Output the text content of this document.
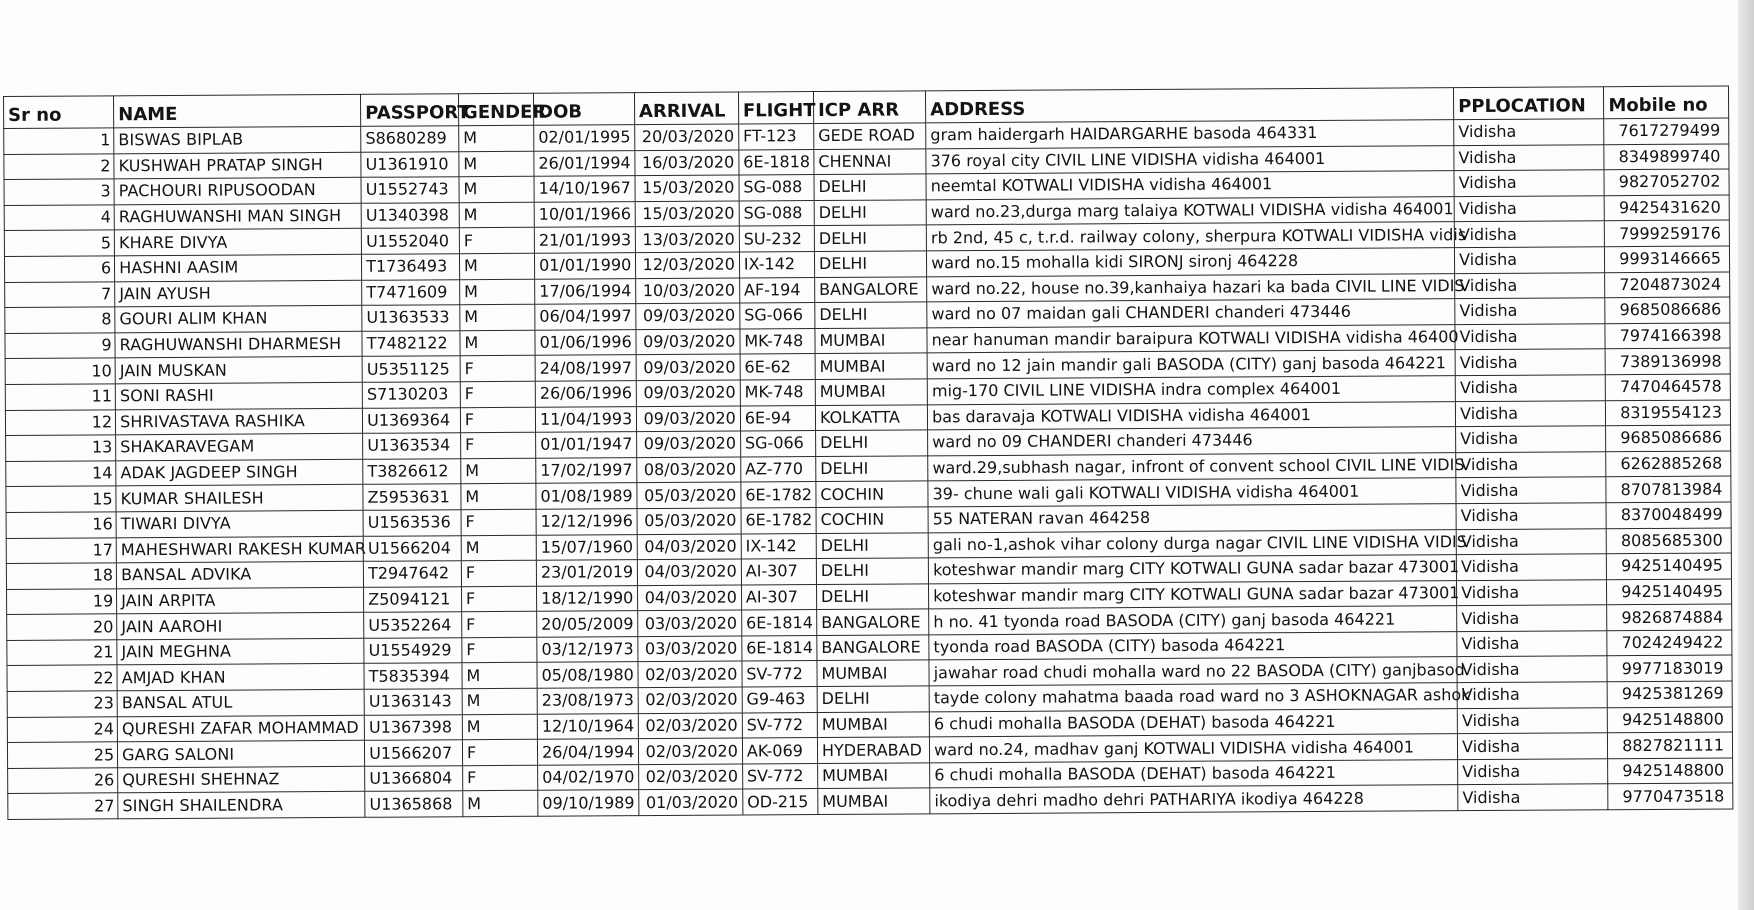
Sr no	NAME	PASSPORT	GENDER	DOB	ARRIVAL	FLIGHT	ICP ARR	ADDRESS	PPLOCATION	Mobile no
1	BISWAS BIPLAB	S8680289	M	02/01/1995	20/03/2020	FT-123	GEDE ROAD	gram haidergarh HAIDARGARHE basoda 464331	Vidisha	7617279499
2	KUSHWAH PRATAP SINGH	U1361910	M	26/01/1994	16/03/2020	6E-1818	CHENNAI	376 royal city CIVIL LINE VIDISHA vidisha 464001	Vidisha	8349899740
3	PACHOURI RIPUSOODAN	U1552743	M	14/10/1967	15/03/2020	SG-088	DELHI	neemtal KOTWALI VIDISHA vidisha 464001	Vidisha	9827052702
4	RAGHUWANSHI MAN SINGH	U1340398	M	10/01/1966	15/03/2020	SG-088	DELHI	ward no.23,durga marg talaiya KOTWALI VIDISHA vidisha 464001	Vidisha	9425431620
5	KHARE DIVYA	U1552040	F	21/01/1993	13/03/2020	SU-232	DELHI	rb 2nd, 45 c, t.r.d. railway colony, sherpura KOTWALI VIDISHA vidis	Vidisha	7999259176
6	HASHNI AASIM	T1736493	M	01/01/1990	12/03/2020	IX-142	DELHI	ward no.15 mohalla kidi SIRONJ sironj 464228	Vidisha	9993146665
7	JAIN AYUSH	T7471609	M	17/06/1994	10/03/2020	AF-194	BANGALORE	ward no.22, house no.39,kanhaiya hazari ka bada CIVIL LINE VIDIS	Vidisha	7204873024
8	GOURI ALIM KHAN	U1363533	M	06/04/1997	09/03/2020	SG-066	DELHI	ward no 07 maidan gali CHANDERI chanderi 473446	Vidisha	9685086686
9	RAGHUWANSHI DHARMESH	T7482122	M	01/06/1996	09/03/2020	MK-748	MUMBAI	near hanuman mandir baraipura KOTWALI VIDISHA vidisha 46400	Vidisha	7974166398
10	JAIN MUSKAN	U5351125	F	24/08/1997	09/03/2020	6E-62	MUMBAI	ward no 12 jain mandir gali BASODA (CITY) ganj basoda 464221	Vidisha	7389136998
11	SONI RASHI	S7130203	F	26/06/1996	09/03/2020	MK-748	MUMBAI	mig-170 CIVIL LINE VIDISHA indra complex 464001	Vidisha	7470464578
12	SHRIVASTAVA RASHIKA	U1369364	F	11/04/1993	09/03/2020	6E-94	KOLKATTA	bas daravaja KOTWALI VIDISHA vidisha 464001	Vidisha	8319554123
13	SHAKARAVEGAM	U1363534	F	01/01/1947	09/03/2020	SG-066	DELHI	ward no 09 CHANDERI chanderi 473446	Vidisha	9685086686
14	ADAK JAGDEEP SINGH	T3826612	M	17/02/1997	08/03/2020	AZ-770	DELHI	ward.29,subhash nagar, infront of convent school CIVIL LINE VIDIS	Vidisha	6262885268
15	KUMAR SHAILESH	Z5953631	M	01/08/1989	05/03/2020	6E-1782	COCHIN	39- chune wali gali KOTWALI VIDISHA vidisha 464001	Vidisha	8707813984
16	TIWARI DIVYA	U1563536	F	12/12/1996	05/03/2020	6E-1782	COCHIN	55 NATERAN ravan 464258	Vidisha	8370048499
17	MAHESHWARI RAKESH KUMAR	U1566204	M	15/07/1960	04/03/2020	IX-142	DELHI	gali no-1,ashok vihar colony durga nagar CIVIL LINE VIDISHA VIDIS	Vidisha	8085685300
18	BANSAL ADVIKA	T2947642	F	23/01/2019	04/03/2020	AI-307	DELHI	koteshwar mandir marg CITY KOTWALI GUNA sadar bazar 473001	Vidisha	9425140495
19	JAIN ARPITA	Z5094121	F	18/12/1990	04/03/2020	AI-307	DELHI	koteshwar mandir marg CITY KOTWALI GUNA sadar bazar 473001	Vidisha	9425140495
20	JAIN AAROHI	U5352264	F	20/05/2009	03/03/2020	6E-1814	BANGALORE	h no. 41 tyonda road BASODA (CITY) ganj basoda 464221	Vidisha	9826874884
21	JAIN MEGHNA	U1554929	F	03/12/1973	03/03/2020	6E-1814	BANGALORE	tyonda road BASODA (CITY) basoda 464221	Vidisha	7024249422
22	AMJAD KHAN	T5835394	M	05/08/1980	02/03/2020	SV-772	MUMBAI	jawahar road chudi mohalla ward no 22 BASODA (CITY) ganjbasod	Vidisha	9977183019
23	BANSAL ATUL	U1363143	M	23/08/1973	02/03/2020	G9-463	DELHI	tayde colony mahatma baada road ward no 3 ASHOKNAGAR ashok	Vidisha	9425381269
24	QURESHI ZAFAR MOHAMMAD	U1367398	M	12/10/1964	02/03/2020	SV-772	MUMBAI	6 chudi mohalla BASODA (DEHAT) basoda 464221	Vidisha	9425148800
25	GARG SALONI	U1566207	F	26/04/1994	02/03/2020	AK-069	HYDERABAD	ward no.24, madhav ganj KOTWALI VIDISHA vidisha 464001	Vidisha	8827821111
26	QURESHI SHEHNAZ	U1366804	F	04/02/1970	02/03/2020	SV-772	MUMBAI	6 chudi mohalla BASODA (DEHAT) basoda 464221	Vidisha	9425148800
27	SINGH SHAILENDRA	U1365868	M	09/10/1989	01/03/2020	OD-215	MUMBAI	ikodiya dehri madho dehri PATHARIYA ikodiya 464228	Vidisha	9770473518
